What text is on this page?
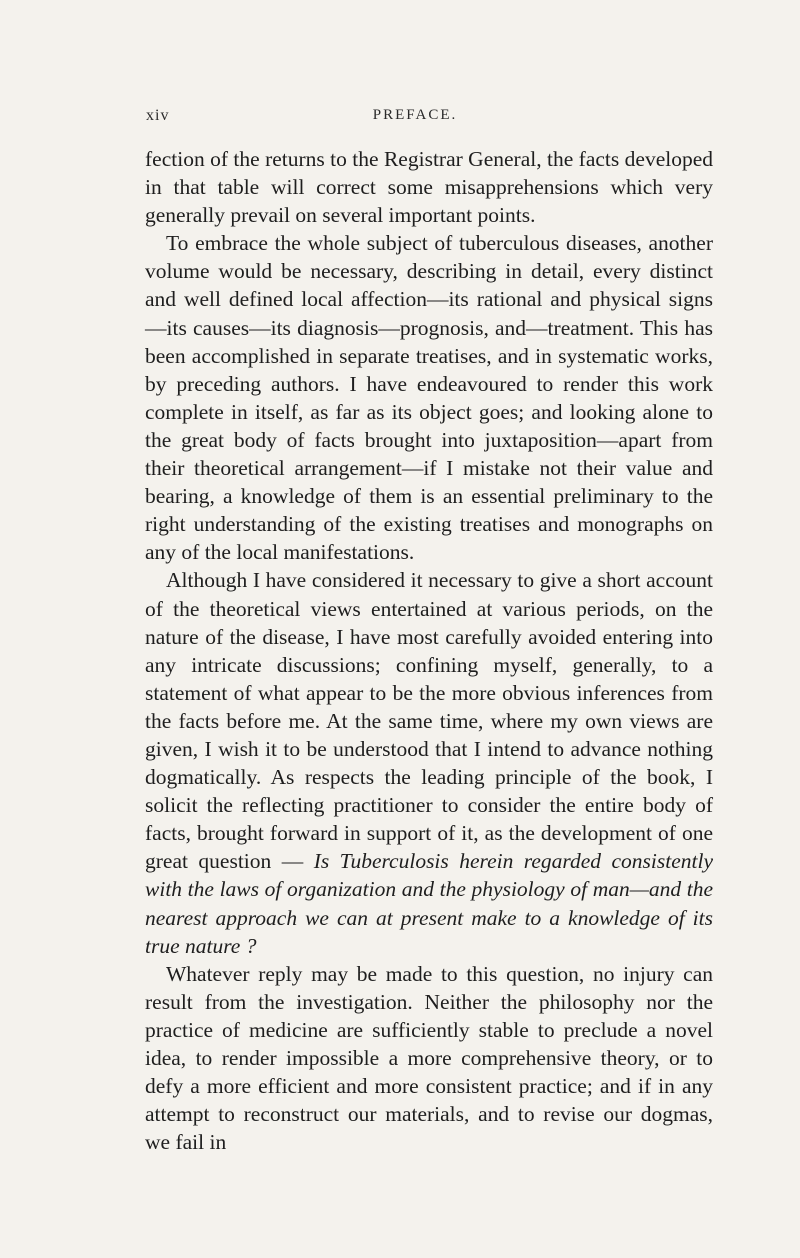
xiv	PREFACE.

fection of the returns to the Registrar General, the facts developed in that table will correct some misapprehensions which very generally prevail on several important points.

To embrace the whole subject of tuberculous diseases, another volume would be necessary, describing in detail, every distinct and well defined local affection—its rational and physical signs—its causes—its diagnosis—prognosis, and—treatment. This has been accomplished in separate treatises, and in systematic works, by preceding authors. I have endeavoured to render this work complete in itself, as far as its object goes; and looking alone to the great body of facts brought into juxtaposition—apart from their theoretical arrangement—if I mistake not their value and bearing, a knowledge of them is an essential preliminary to the right understanding of the existing treatises and monographs on any of the local manifestations.

Although I have considered it necessary to give a short account of the theoretical views entertained at various periods, on the nature of the disease, I have most carefully avoided entering into any intricate discussions; confining myself, generally, to a statement of what appear to be the more obvious inferences from the facts before me. At the same time, where my own views are given, I wish it to be understood that I intend to advance nothing dogmatically. As respects the leading principle of the book, I solicit the reflecting practitioner to consider the entire body of facts, brought forward in support of it, as the development of one great question — Is Tuberculosis herein regarded consistently with the laws of organization and the physiology of man—and the nearest approach we can at present make to a knowledge of its true nature ?

Whatever reply may be made to this question, no injury can result from the investigation. Neither the philosophy nor the practice of medicine are sufficiently stable to preclude a novel idea, to render impossible a more comprehensive theory, or to defy a more efficient and more consistent practice; and if in any attempt to reconstruct our materials, and to revise our dogmas, we fail in
